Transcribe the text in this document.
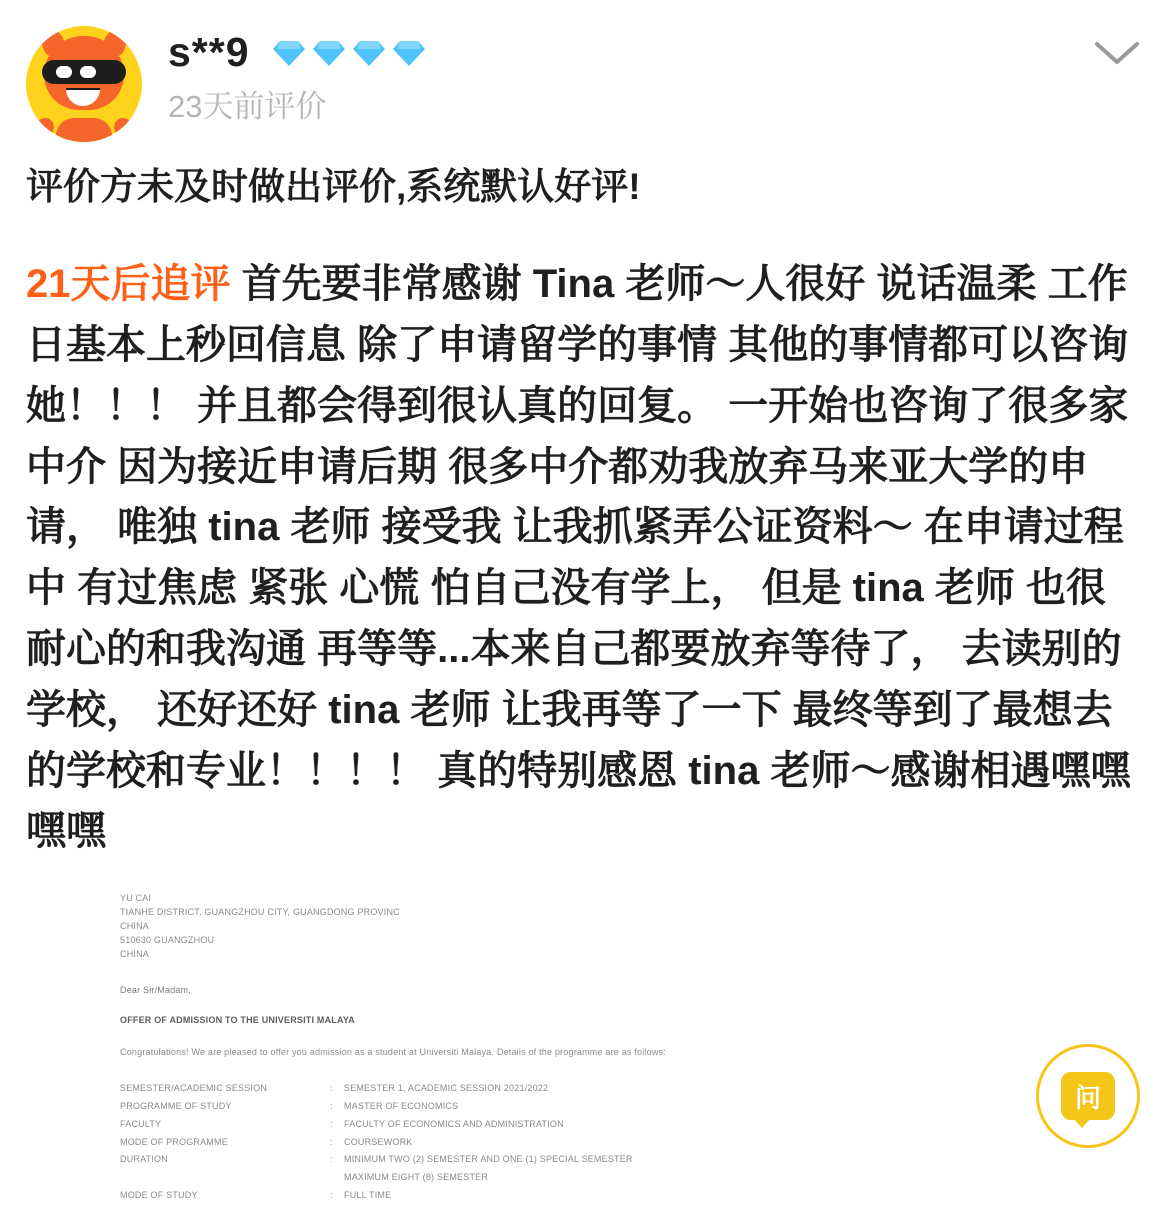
s**9
23天前评价

评价方未及时做出评价,系统默认好评!

21天后追评 首先要非常感谢 Tina 老师～人很好 说话温柔 工作日基本上秒回信息 除了申请留学的事情 其他的事情都可以咨询她！！！ 并且都会得到很认真的回复。 一开始也咨询了很多家中介 因为接近申请后期 很多中介都劝我放弃马来亚大学的申请， 唯独 tina 老师 接受我 让我抓紧弄公证资料～ 在申请过程中 有过焦虑 紧张 心慌 怕自己没有学上， 但是 tina 老师 也很耐心的和我沟通 再等等...本来自己都要放弃等待了， 去读别的学校， 还好还好 tina 老师 让我再等了一下 最终等到了最想去的学校和专业！！！！ 真的特别感恩 tina 老师～感谢相遇嘿嘿嘿嘿

YU CAI
TIANHE DISTRICT, GUANGZHOU CITY, GUANGDONG PROVINC
CHINA
510630 GUANGZHOU
CHINA
Dear Sir/Madam,
OFFER OF ADMISSION TO THE UNIVERSITI MALAYA
Congratulations! We are pleased to offer you admission as a student at Universiti Malaya. Details of the programme are as follows:
SEMESTER/ACADEMIC SESSION	:	SEMESTER 1, ACADEMIC SESSION 2021/2022
PROGRAMME OF STUDY	:	MASTER OF ECONOMICS
FACULTY	:	FACULTY OF ECONOMICS AND ADMINISTRATION
MODE OF PROGRAMME	:	COURSEWORK
DURATION	:	MINIMUM TWO (2) SEMESTER AND ONE (1) SPECIAL SEMESTER
		MAXIMUM EIGHT (8) SEMESTER
MODE OF STUDY	:	FULL TIME
问
